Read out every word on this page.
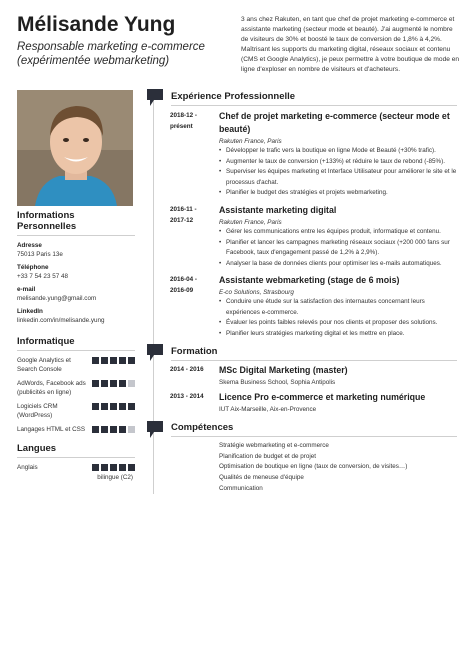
Mélisande Yung
Responsable marketing e-commerce (expérimentée webmarketing)
3 ans chez Rakuten, en tant que chef de projet marketing e-commerce et assistante marketing (secteur mode et beauté). J'ai augmenté le nombre de visiteurs de 30% et boosté le taux de conversion de 1,8% à 4,2%. Maîtrisant les supports du marketing digital, réseaux sociaux et contenu (CMS et Google Analytics), je peux permettre à votre boutique de mode en ligne d'exploser en nombre de visiteurs et d'acheteurs.
Informations Personnelles
Adresse
75013 Paris 13e
Téléphone
+33 7 54 23 57 48
e-mail
melisande.yung@gmail.com
LinkedIn
linkedin.com/in/melisande.yung
Informatique
Google Analytics et Search Console
AdWords, Facebook ads (publicités en ligne)
Logiciels CRM (WordPress)
Langages HTML et CSS
Langues
Anglais
bilingue (C2)
Expérience Professionnelle
2018-12 - présent
Chef de projet marketing e-commerce (secteur mode et beauté)
Rakuten France, Paris
• Développer le trafic vers la boutique en ligne Mode et Beauté (+30% trafic).
• Augmenter le taux de conversion (+133%) et réduire le taux de rebond (-85%).
• Superviser les équipes marketing et Interface Utilisateur pour améliorer le site et le processus d'achat.
• Planifier le budget des stratégies et projets webmarketing.
2016-11 - 2017-12
Assistante marketing digital
Rakuten France, Paris
• Gérer les communications entre les équipes produit, informatique et contenu.
• Planifier et lancer les campagnes marketing réseaux sociaux (+200 000 fans sur Facebook, taux d'engagement passé de 1,2% à 2,9%).
• Analyser la base de données clients pour optimiser les e-mails automatiques.
2016-04 - 2016-09
Assistante webmarketing (stage de 6 mois)
E-co Solutions, Strasbourg
• Conduire une étude sur la satisfaction des internautes concernant leurs expériences e-commerce.
• Évaluer les points faibles relevés pour nos clients et proposer des solutions.
• Planifier leurs stratégies marketing digital et les mettre en place.
Formation
2014 - 2016	MSc Digital Marketing (master)
Skema Business School, Sophia Antipolis
2013 - 2014	Licence Pro e-commerce et marketing numérique
IUT Aix-Marseille, Aix-en-Provence
Compétences
Stratégie webmarketing et e-commerce
Planification de budget et de projet
Optimisation de boutique en ligne (taux de conversion, de visites…)
Qualités de meneuse d'équipe
Communication
